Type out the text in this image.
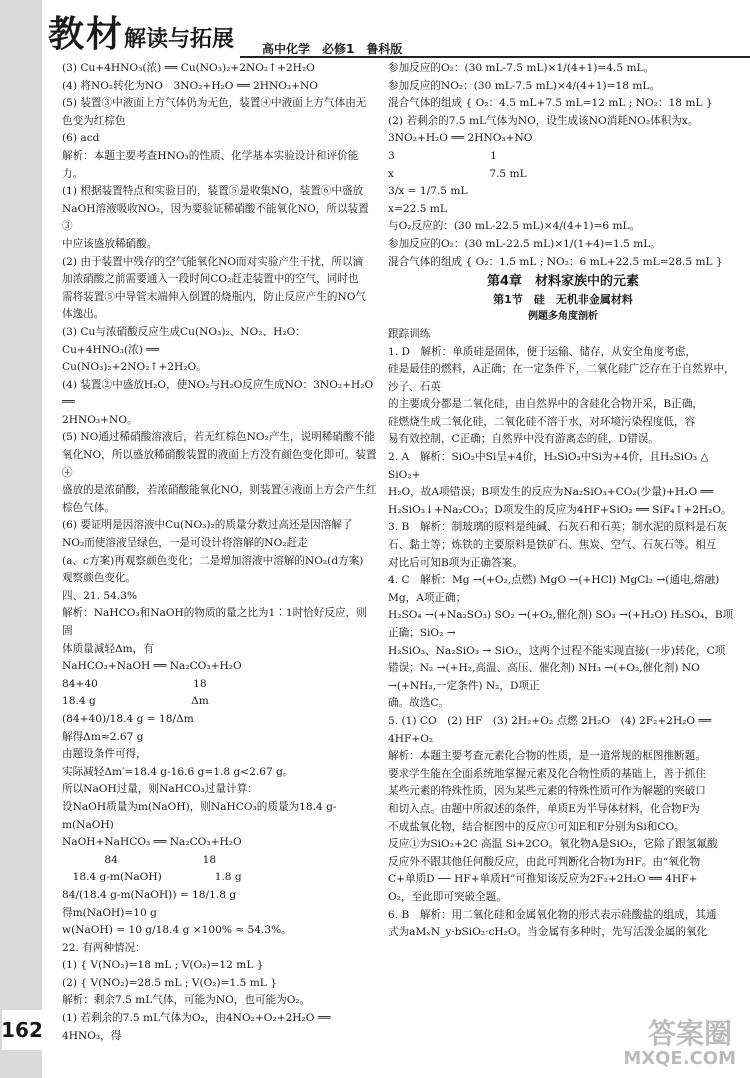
162
教材解读与拓展 高中化学　必修1　鲁科版

(3) Cu+4HNO₃(浓) ══ Cu(NO₃)₂+2NO₂↑+2H₂O

(4) 将NO₂转化为NO　3NO₂+H₂O ══ 2HNO₃+NO

(5) 装置③中液面上方气体仍为无色，装置④中液面上方气体由无

色变为红棕色

(6) acd

解析：本题主要考查HNO₃的性质、化学基本实验设计和评价能力。

(1) 根据装置特点和实验目的，装置⑤是收集NO，装置⑥中盛放

NaOH溶液吸收NO₂，因为要验证稀硝酸不能氧化NO，所以装置③

中应该盛放稀硝酸。

(2) 由于装置中残存的空气能氧化NO而对实验产生干扰，所以滴

加浓硝酸之前需要通入一段时间CO₂赶走装置中的空气，同时也

需将装置⑤中导管末端伸入倒置的烧瓶内，防止反应产生的NO气

体逸出。

(3) Cu与浓硝酸反应生成Cu(NO₃)₂、NO₂、H₂O：Cu+4HNO₃(浓) ══

Cu(NO₃)₂+2NO₂↑+2H₂O。

(4) 装置②中盛放H₂O，使NO₂与H₂O反应生成NO：3NO₂+H₂O ══

2HNO₃+NO。

(5) NO通过稀硝酸溶液后，若无红棕色NO₂产生，说明稀硝酸不能

氧化NO，所以盛放稀硝酸装置的液面上方没有颜色变化即可。装置④

盛放的是浓硝酸，若浓硝酸能氧化NO，则装置④液面上方会产生红

棕色气体。

(6) 要证明是因溶液中Cu(NO₃)₂的质量分数过高还是因溶解了

NO₂而使溶液呈绿色，一是可设计将溶解的NO₂赶走

(a、c方案)再观察颜色变化；二是增加溶液中溶解的NO₂(d方案)

观察颜色变化。

四、21. 54.3%

解析：NaHCO₃和NaOH的物质的量之比为1∶1时恰好反应，则固

体质量减轻Δm，有

NaHCO₃+NaOH ══ Na₂CO₃+H₂O

84+40　　　　　　　　　18

18.4 g　　　　　　　　　Δm

(84+40)/18.4 g = 18/Δm

解得Δm≈2.67 g

由题设条件可得，

实际减轻Δm′=18.4 g-16.6 g=1.8 g<2.67 g。

所以NaOH过量，则NaHCO₃过量计算：

设NaOH质量为m(NaOH)，则NaHCO₃的质量为18.4 g-m(NaOH)

NaOH+NaHCO₃ ══ Na₂CO₃+H₂O

　　　　84　　　　　　　　18

　18.4 g-m(NaOH)　　　　　1.8 g

84/(18.4 g-m(NaOH)) = 18/1.8 g

得m(NaOH)=10 g

w(NaOH) = 10 g/18.4 g ×100% ≈ 54.3%。

22. 有两种情况：

(1) { V(NO₂)=18 mL ; V(O₂)=12 mL }

(2) { V(NO₂)=28.5 mL ; V(O₂)=1.5 mL }

解析：剩余7.5 mL气体，可能为NO，也可能为O₂。

(1) 若剩余的7.5 mL气体为O₂，由4NO₂+O₂+2H₂O ══ 4HNO₃，得

参加反应的O₂：(30 mL-7.5 mL)×1/(4+1)=4.5 mL。

参加反应的NO₂：(30 mL-7.5 mL)×4/(4+1)=18 mL。

混合气体的组成 { O₂：4.5 mL+7.5 mL=12 mL ; NO₂：18 mL }

(2) 若剩余的7.5 mL气体为NO，设生成该NO消耗NO₂体积为x。

3NO₂+H₂O ══ 2HNO₃+NO

3　　　　　　　　　1

x　　　　　　　　　7.5 mL

3/x = 1/7.5 mL

x=22.5 mL

与O₂反应的：(30 mL-22.5 mL)×4/(4+1)=6 mL。

参加反应的O₂：(30 mL-22.5 mL)×1/(1+4)=1.5 mL。

混合气体的组成 { O₂：1.5 mL ; NO₂：6 mL+22.5 mL=28.5 mL }

第4章　材料家族中的元素
第1节　硅　无机非金属材料
例题多角度剖析

跟踪训练

1. D　解析：单质硅是固体，便于运输、储存，从安全角度考虑，

硅是最佳的燃料，A正确；在一定条件下，二氧化硅广泛存在于自然界中，沙子、石英

的主要成分都是二氧化硅，由自然界中的含硅化合物开采，B正确，

硅燃烧生成二氧化硅，二氧化硅不溶于水，对环境污染程度低，容

易有效控制，C正确；自然界中没有游离态的硅，D错误。

2. A　解析：SiO₂中Si呈+4价，H₂SiO₃中Si为+4价，且H₂SiO₃ △ SiO₂+

H₂O，故A项错误；B项发生的反应为Na₂SiO₃+CO₂(少量)+H₂O ══

H₂SiO₃↓+Na₂CO₃；D项发生的反应为4HF+SiO₂ ══ SiF₄↑+2H₂O。

3. B　解析：制玻璃的原料是纯碱、石灰石和石英；制水泥的原料是石灰

石、黏土等；炼铁的主要原料是铁矿石、焦炭、空气、石灰石等。相互

对比后可知B项为正确答案。

4. C　解析：Mg →(+O₂,点燃) MgO →(+HCl) MgCl₂ →(通电,熔融) Mg，A项正确；

H₂SO₄ →(+Na₂SO₃) SO₂ →(+O₂,催化剂) SO₃ →(+H₂O) H₂SO₄，B项正确；SiO₂ →

H₂SiO₃、Na₂SiO₃ → SiO₂，这两个过程不能实现直接(一步)转化，C项

错误；N₂ →(+H₂,高温、高压、催化剂) NH₃ →(+O₂,催化剂) NO →(+NH₃,一定条件) N₂，D项正

确。故选C。

5. (1) CO　(2) HF　(3) 2H₂+O₂ 点燃 2H₂O　(4) 2F₂+2H₂O ══ 4HF+O₂

解析：本题主要考查元素化合物的性质，是一道常规的框图推断题。

要求学生能在全面系统地掌握元素及化合物性质的基础上，善于抓住

某些元素的特殊性质，因为某些元素的特殊性质可作为解题的突破口

和切入点。由题中所叙述的条件，单质E为半导体材料，化合物F为

不成盐氧化物，结合框图中的反应①可知E和F分别为Si和CO。

反应①为SiO₂+2C 高温 Si+2CO。氧化物A是SiO₂，它除了跟氢氟酸

反应外不跟其他任何酸反应，由此可判断化合物I为HF。由“氧化物

C+单质D ── HF+单质H”可推知该反应为2F₂+2H₂O ══ 4HF+

O₂，至此即可突破全题。

6. B　解析：用二氧化硅和金属氧化物的形式表示硅酸盐的组成，其通

式为aMₓN_y·bSiO₂·cH₂O。当金属有多种时，先写活泼金属的氧化

答案圈
MXQE.COM
